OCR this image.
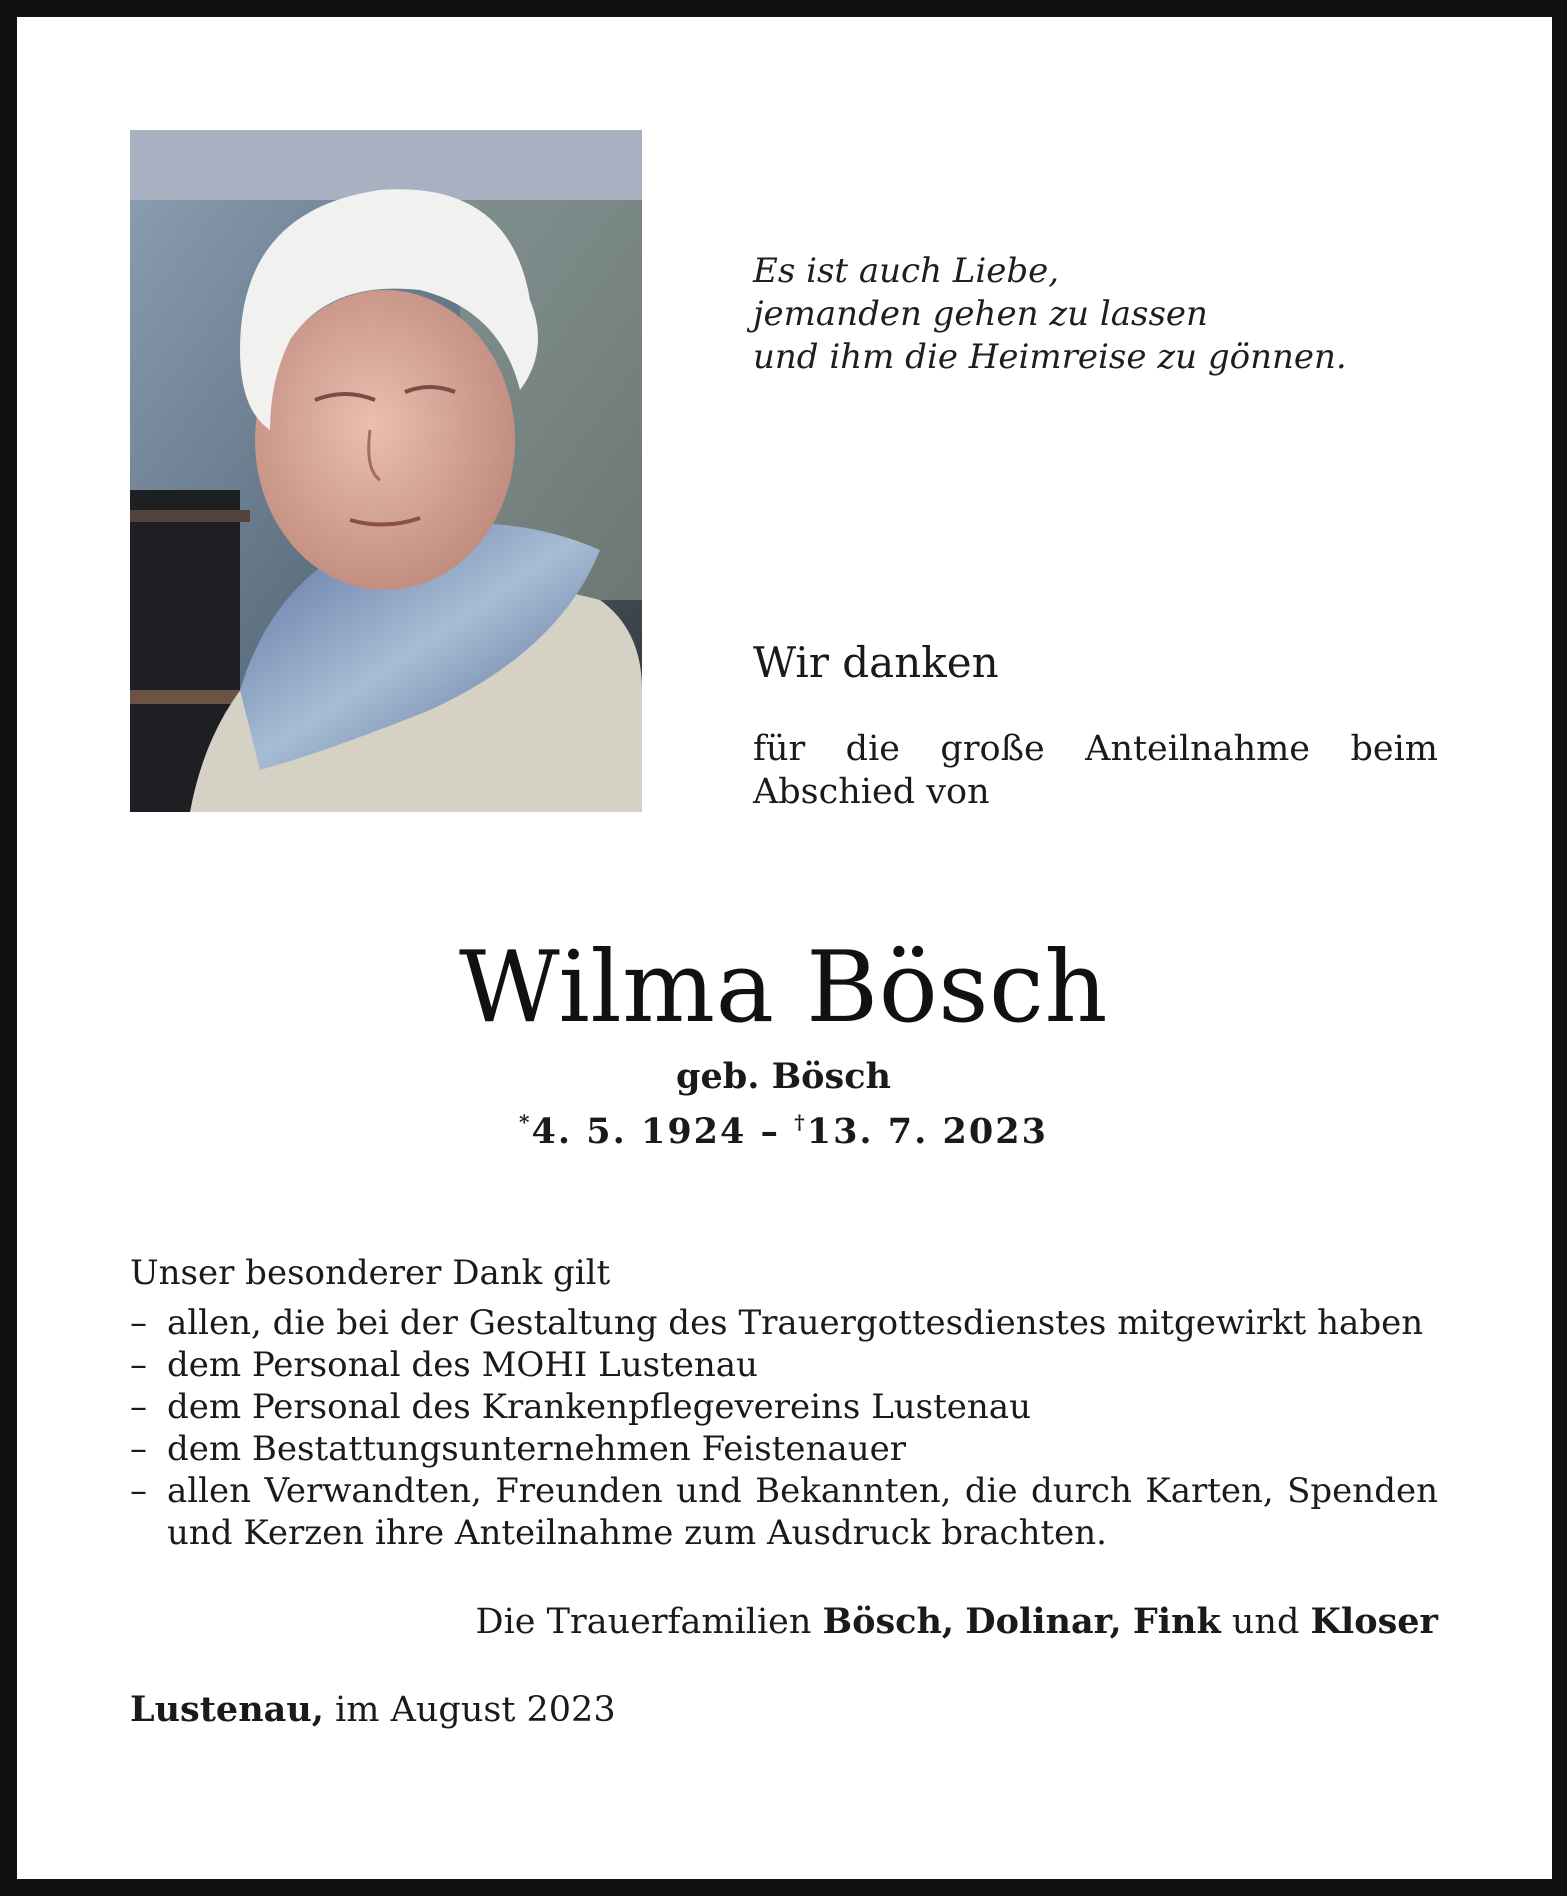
Es ist auch Liebe,
jemanden gehen zu lassen
und ihm die Heimreise zu gönnen.
Wir danken
für die große Anteilnahme beim
Abschied von
Wilma Bösch
geb. Bösch
*4. 5. 1924 – †13. 7. 2023
Unser besonderer Dank gilt
– allen, die bei der Gestaltung des Trauergottesdienstes mitgewirkt haben
– dem Personal des MOHI Lustenau
– dem Personal des Krankenpflegevereins Lustenau
– dem Bestattungsunternehmen Feistenauer
– allen Verwandten, Freunden und Bekannten, die durch Karten, Spenden und Kerzen ihre Anteilnahme zum Ausdruck brachten.
Die Trauerfamilien Bösch, Dolinar, Fink und Kloser
Lustenau, im August 2023
